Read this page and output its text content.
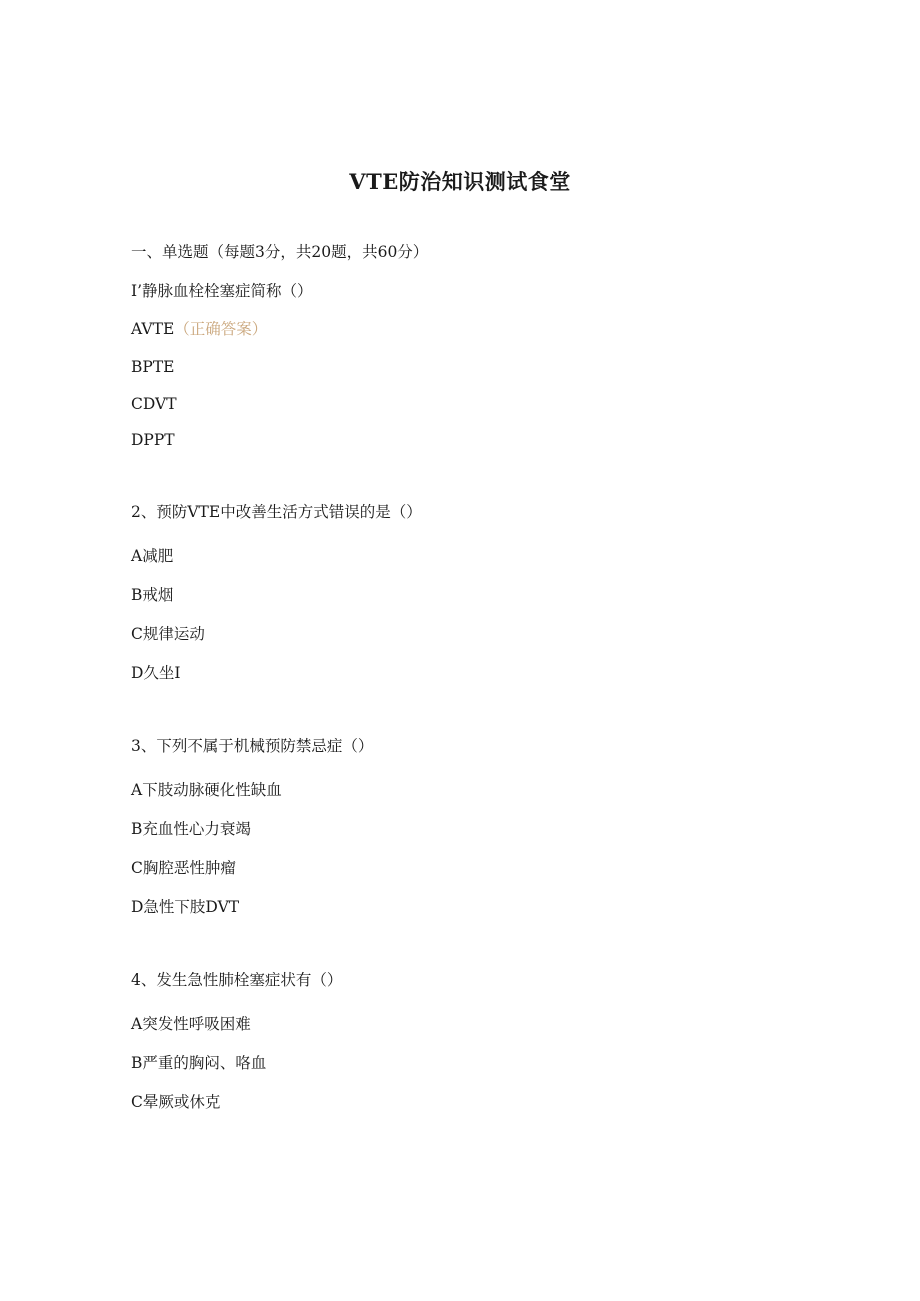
VTE防治知识测试食堂
一、单选题（每题3分，共20题，共60分）
I’静脉血栓栓塞症简称（）
AVTE（正确答案）
BPTE
CDVT
DPPT
2、预防VTE中改善生活方式错误的是（）
A减肥
B戒烟
C规律运动
D久坐I
3、下列不属于机械预防禁忌症（）
A下肢动脉硬化性缺血
B充血性心力衰竭
C胸腔恶性肿瘤
D急性下肢DVT
4、发生急性肺栓塞症状有（）
A突发性呼吸困难
B严重的胸闷、咯血
C晕厥或休克
